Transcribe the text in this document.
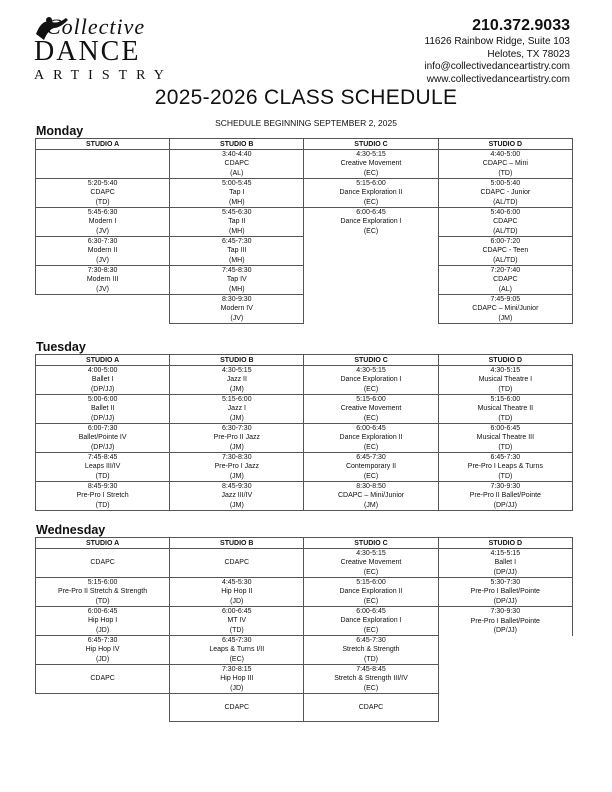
Collective
DANCE
ARTISTRY
210.372.9033
11626 Rainbow Ridge, Suite 103
Helotes, TX 78023
info@collectivedanceartistry.com
www.collectivedanceartistry.com
2025-2026 CLASS SCHEDULE
SCHEDULE BEGINNING SEPTEMBER 2, 2025
Monday
STUDIO A	STUDIO B	STUDIO C	STUDIO D
	3:40-4:40
CDAPC
(AL)	4:30-5:15
Creative Movement
(EC)	4:40-5:00
CDAPC – Mini
(TD)
5:20-5:40
CDAPC
(TD)	5:00-5:45
Tap I
(MH)	5:15-6:00
Dance Exploration II
(EC)	5:00-5:40
CDAPC - Junior
(AL/TD)
5:45-6:30
Modern I
(JV)	5:45-6:30
Tap II
(MH)	6:00-6:45
Dance Exploration I
(EC)	5:40-6:00
CDAPC
(AL/TD)
6:30-7:30
Modern II
(JV)	6:45-7:30
Tap III
(MH)		6:00-7:20
CDAPC - Teen
(AL/TD)
7:30-8:30
Modern III
(JV)	7:45-8:30
Tap IV
(MH)		7:20-7:40
CDAPC
(AL)
	8:30-9:30
Modern IV
(JV)		7:45-9:05
CDAPC – Mini/Junior
(JM)
Tuesday
STUDIO A	STUDIO B	STUDIO C	STUDIO D
4:00-5:00
Ballet I
(DP/JJ)	4:30-5:15
Jazz II
(JM)	4:30-5:15
Dance Exploration I
(EC)	4:30-5:15
Musical Theatre I
(TD)
5:00-6:00
Ballet II
(DP/JJ)	5:15-6:00
Jazz I
(JM)	5:15-6:00
Creative Movement
(EC)	5:15-6:00
Musical Theatre II
(TD)
6:00-7:30
Ballet/Pointe IV
(DP/JJ)	6:30-7:30
Pre-Pro II Jazz
(JM)	6:00-6:45
Dance Exploration II
(EC)	6:00-6:45
Musical Theatre III
(TD)
7:45-8:45
Leaps III/IV
(TD)	7:30-8:30
Pre-Pro I Jazz
(JM)	6:45-7:30
Contemporary II
(EC)	6:45-7:30
Pre-Pro I Leaps & Turns
(TD)
8:45-9:30
Pre-Pro I Stretch
(TD)	8:45-9:30
Jazz III/IV
(JM)	8:30-8:50
CDAPC – Mini/Junior
(JM)	7:30-9:30
Pre-Pro II Ballet/Pointe
(DP/JJ)
Wednesday
STUDIO A	STUDIO B	STUDIO C	STUDIO D
CDAPC	CDAPC	4:30-5:15
Creative Movement
(EC)	4:15-5:15
Ballet I
(DP/JJ)
5:15-6:00
Pre-Pro II Stretch & Strength
(TD)	4:45-5:30
Hip Hop II
(JD)	5:15-6:00
Dance Exploration II
(EC)	5:30-7:30
Pre-Pro I Ballet/Pointe
(DP/JJ)
6:00-6:45
Hip Hop I
(JD)	6:00-6:45
MT IV
(TD)	6:00-6:45
Dance Exploration I
(EC)	7:30-9:30
Pre-Pro I Ballet/Pointe
(DP/JJ)
6:45-7:30
Hip Hop IV
(JD)	6:45-7:30
Leaps & Turns I/II
(EC)	6:45-7:30
Stretch & Strength
(TD)	
CDAPC	7:30-8:15
Hip Hop III
(JD)	7:45-8:45
Stretch & Strength III/IV
(EC)	
	CDAPC	CDAPC	
